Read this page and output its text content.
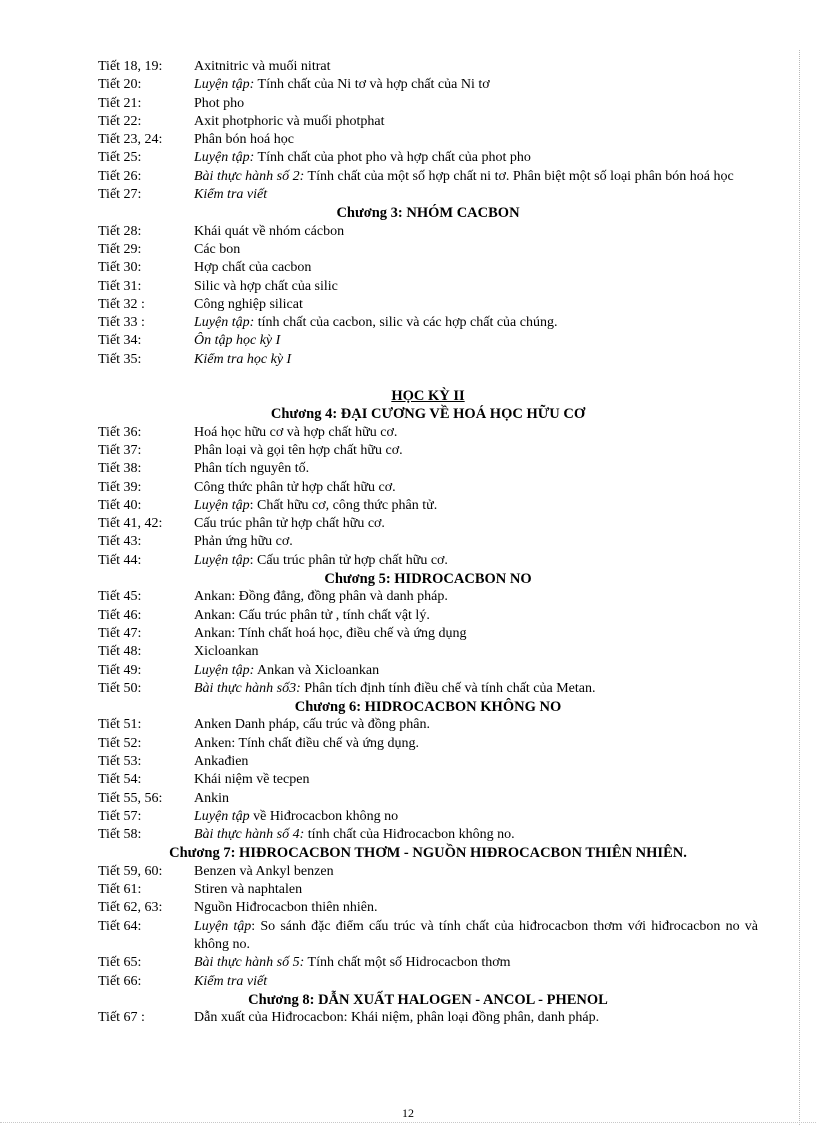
Tiết 18, 19:	Axitnitric và muối nitrat
Tiết 20:	Luyện tập: Tính chất của Ni tơ và hợp chất của Ni tơ
Tiết 21:	Phot pho
Tiết 22:	Axit photphoric và muối photphat
Tiết 23, 24:	Phân bón hoá học
Tiết 25:	Luyện tập: Tính chất của phot pho và hợp chất của phot pho
Tiết 26:	Bài thực hành số 2: Tính chất của một số hợp chất ni tơ. Phân biệt một số loại phân bón hoá học
Tiết 27:	Kiểm tra viết
Chương 3: NHÓM CACBON
Tiết 28:	Khái quát về nhóm cácbon
Tiết 29:	Các bon
Tiết 30:	Hợp chất của cacbon
Tiết 31:	Silic và hợp chất của silic
Tiết 32 :	Công nghiệp silicat
Tiết 33 :	Luyện tập: tính chất của cacbon, silic và các hợp chất của chúng.
Tiết 34:	Ôn tập học kỳ I
Tiết 35:	Kiểm tra học kỳ I
HỌC KỲ II
Chương 4: ĐẠI CƯƠNG VỀ HOÁ HỌC HỮU CƠ
Tiết 36:	Hoá học hữu cơ và hợp chất hữu cơ.
Tiết 37:	Phân loại và gọi tên hợp chất hữu cơ.
Tiết 38:	Phân tích nguyên tố.
Tiết 39:	Công thức phân tử hợp chất hữu cơ.
Tiết 40:	Luyện tập: Chất hữu cơ, công thức phân tử.
Tiết 41, 42:	Cấu trúc phân tử hợp chất hữu cơ.
Tiết 43:	Phản ứng hữu cơ.
Tiết 44:	Luyện tập: Cấu trúc phân tử hợp chất hữu cơ.
Chương 5: HIDROCACBON NO
Tiết 45:	Ankan: Đồng đẳng, đồng phân và danh pháp.
Tiết 46:	Ankan: Cấu trúc phân tử , tính chất vật lý.
Tiết 47:	Ankan: Tính chất hoá học, điều chế và ứng dụng
Tiết 48:	Xicloankan
Tiết 49:	Luyện tập: Ankan và Xicloankan
Tiết 50:	Bài thực hành số3: Phân tích định tính điều chế và tính chất của Metan.
Chương 6: HIDROCACBON KHÔNG NO
Tiết 51:	Anken Danh pháp, cấu trúc và đồng phân.
Tiết 52:	Anken: Tính chất điều chế và ứng dụng.
Tiết 53:	Ankađien
Tiết 54:	Khái niệm về tecpen
Tiết 55, 56:	Ankin
Tiết 57:	Luyện tập về Hiđrocacbon không no
Tiết 58:	Bài thực hành số 4: tính chất của Hiđrocacbon không no.
Chương 7: HIĐROCACBON THƠM - NGUỒN HIĐROCACBON THIÊN NHIÊN.
Tiết 59, 60:	Benzen và Ankyl benzen
Tiết 61:	Stiren và naphtalen
Tiết 62, 63:	Nguồn Hiđrocacbon thiên nhiên.
Tiết 64:	Luyện tập: So sánh đặc điểm cấu trúc và tính chất của hiđrocacbon thơm với hiđrocacbon no và không no.
Tiết 65:	Bài thực hành số 5: Tính chất một số Hidrocacbon thơm
Tiết 66:	Kiểm tra viết
Chương 8: DẪN XUẤT HALOGEN - ANCOL - PHENOL
Tiết 67 :	Dẫn xuất của Hiđrocacbon: Khái niệm, phân loại đồng phân, danh pháp.
12
